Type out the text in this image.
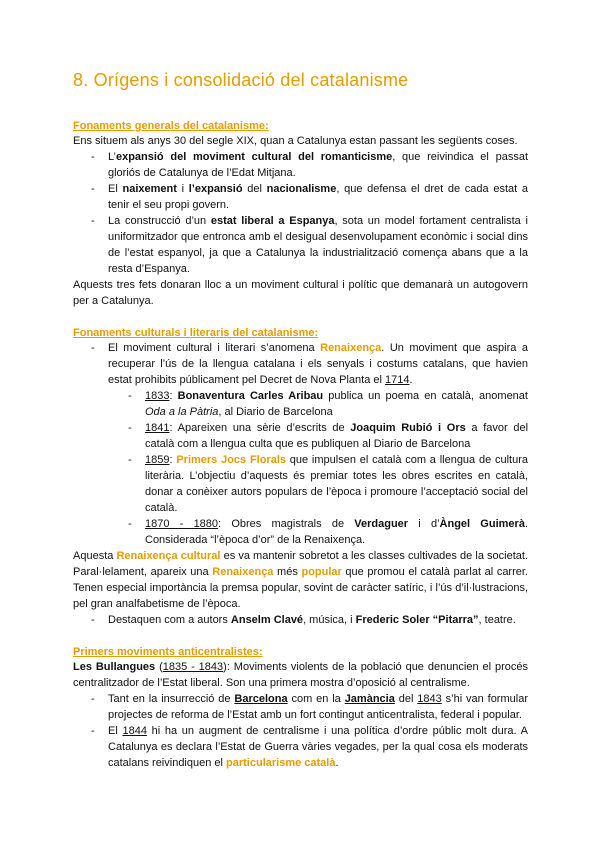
8. Orígens i consolidació del catalanisme
Fonaments generals del catalanisme:

Ens situem als anys 30 del segle XIX, quan a Catalunya estan passant les següents coses.

- L’expansió del moviment cultural del romanticisme, que reivindica el passat gloriós de Catalunya de l’Edat Mitjana.
- El naixement i l’expansió del nacionalisme, que defensa el dret de cada estat a tenir el seu propi govern.
- La construcció d’un estat liberal a Espanya, sota un model fortament centralista i uniformitzador que entronca amb el desigual desenvolupament econòmic i social dins de l’estat espanyol, ja que a Catalunya la industrialització comença abans que a la resta d’Espanya.

Aquests tres fets donaran lloc a un moviment cultural i polític que demanarà un autogovern per a Catalunya.

Fonaments culturals i literaris del catalanisme:
- El moviment cultural i literari s’anomena Renaixença. Un moviment que aspira a recuperar l’ús de la llengua catalana i els senyals i costums catalans, que havien estat prohibits públicament pel Decret de Nova Planta el 1714.
- 1833: Bonaventura Carles Aribau publica un poema en català, anomenat Oda a la Pàtria, al Diario de Barcelona
- 1841: Apareixen una sèrie d’escrits de Joaquim Rubió i Ors a favor del català com a llengua culta que es publiquen al Diario de Barcelona
- 1859: Primers Jocs Florals que impulsen el català com a llengua de cultura literària. L’objectiu d’aquests és premiar totes les obres escrites en català, donar a conèixer autors populars de l’època i promoure l’acceptació social del català.
- 1870 - 1880: Obres magistrals de Verdaguer i d’Àngel Guimerà. Considerada “l’època d’or” de la Renaixença.

Aquesta Renaixença cultural es va mantenir sobretot a les classes cultivades de la societat. Paral·lelament, apareix una Renaixença més popular que promou el català parlat al carrer. Tenen especial importància la premsa popular, sovint de caràcter satíric, i l’ús d’il·lustracions, pel gran analfabetisme de l’època.

- Destaquen com a autors Anselm Clavé, música, i Frederic Soler “Pitarra”, teatre.
Primers moviments anticentralistes:

Les Bullangues (1835 - 1843): Moviments violents de la població que denuncien el procés centralitzador de l’Estat liberal. Son una primera mostra d’oposició al centralisme.

- Tant en la insurrecció de Barcelona com en la Jamància del 1843 s’hi van formular projectes de reforma de l’Estat amb un fort contingut anticentralista, federal i popular.
- El 1844 hi ha un augment de centralisme i una política d’ordre públic molt dura. A Catalunya es declara l’Estat de Guerra vàries vegades, per la qual cosa els moderats catalans reivindiquen el particularisme català.
